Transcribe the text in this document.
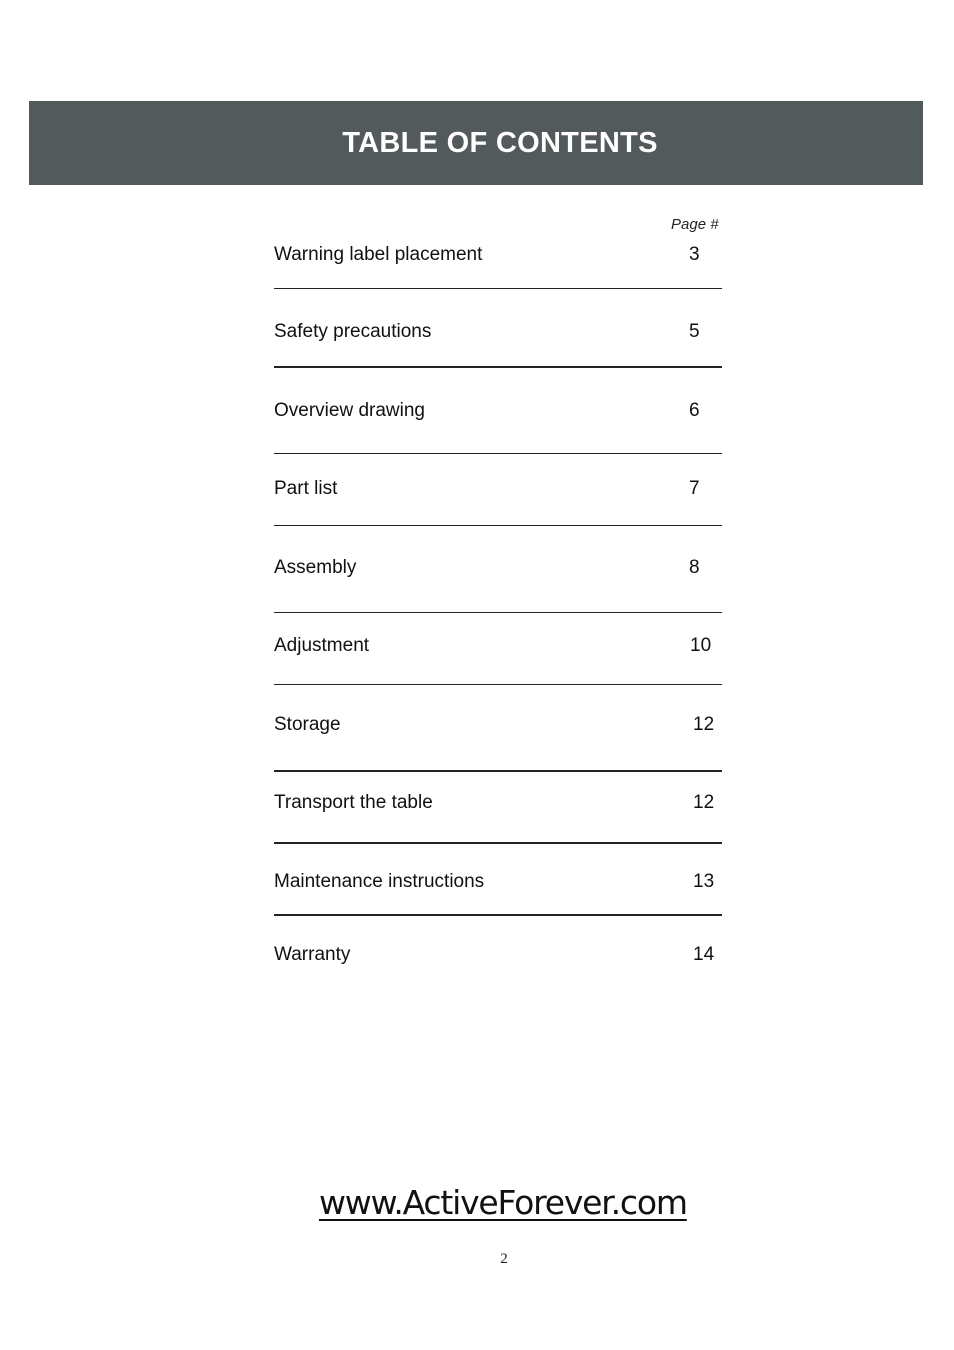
TABLE OF CONTENTS
Page #
Warning label placement	3
Safety precautions	5
Overview drawing	6
Part list	7
Assembly	8
Adjustment	10
Storage	12
Transport the table	12
Maintenance instructions	13
Warranty	14
www.ActiveForever.com
2
